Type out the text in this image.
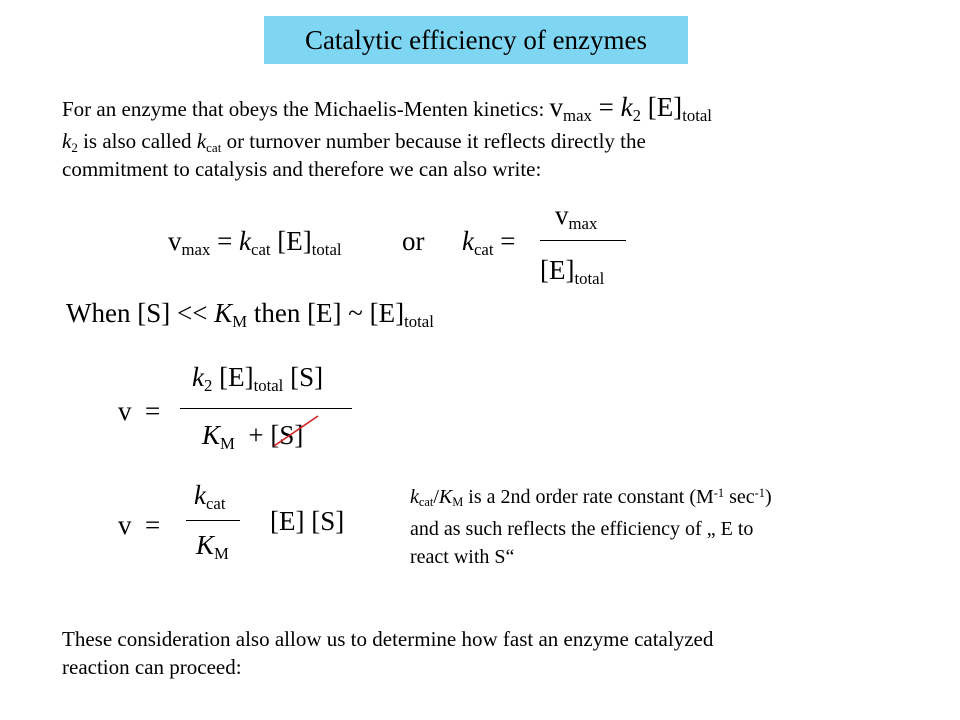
Catalytic efficiency of enzymes
For an enzyme that obeys the Michaelis-Menten kinetics: vmax = k2 [E]total
k2 is also called kcat or turnover number because it reflects directly the
commitment to catalysis and therefore we can also write:
vmax = kcat [E]total or kcat =
vmax
[E]total
When [S] << KM then [E] ~ [E]total
v =
k2 [E]total [S]
KM + [S]
v =
kcat
KM
[E] [S]
kcat/KM is a 2nd order rate constant ($M^{-1}$ $\sec^{-1}$)
and as such reflects the efficiency of „ E to
react with S“
These consideration also allow us to determine how fast an enzyme catalyzed
reaction can proceed:
